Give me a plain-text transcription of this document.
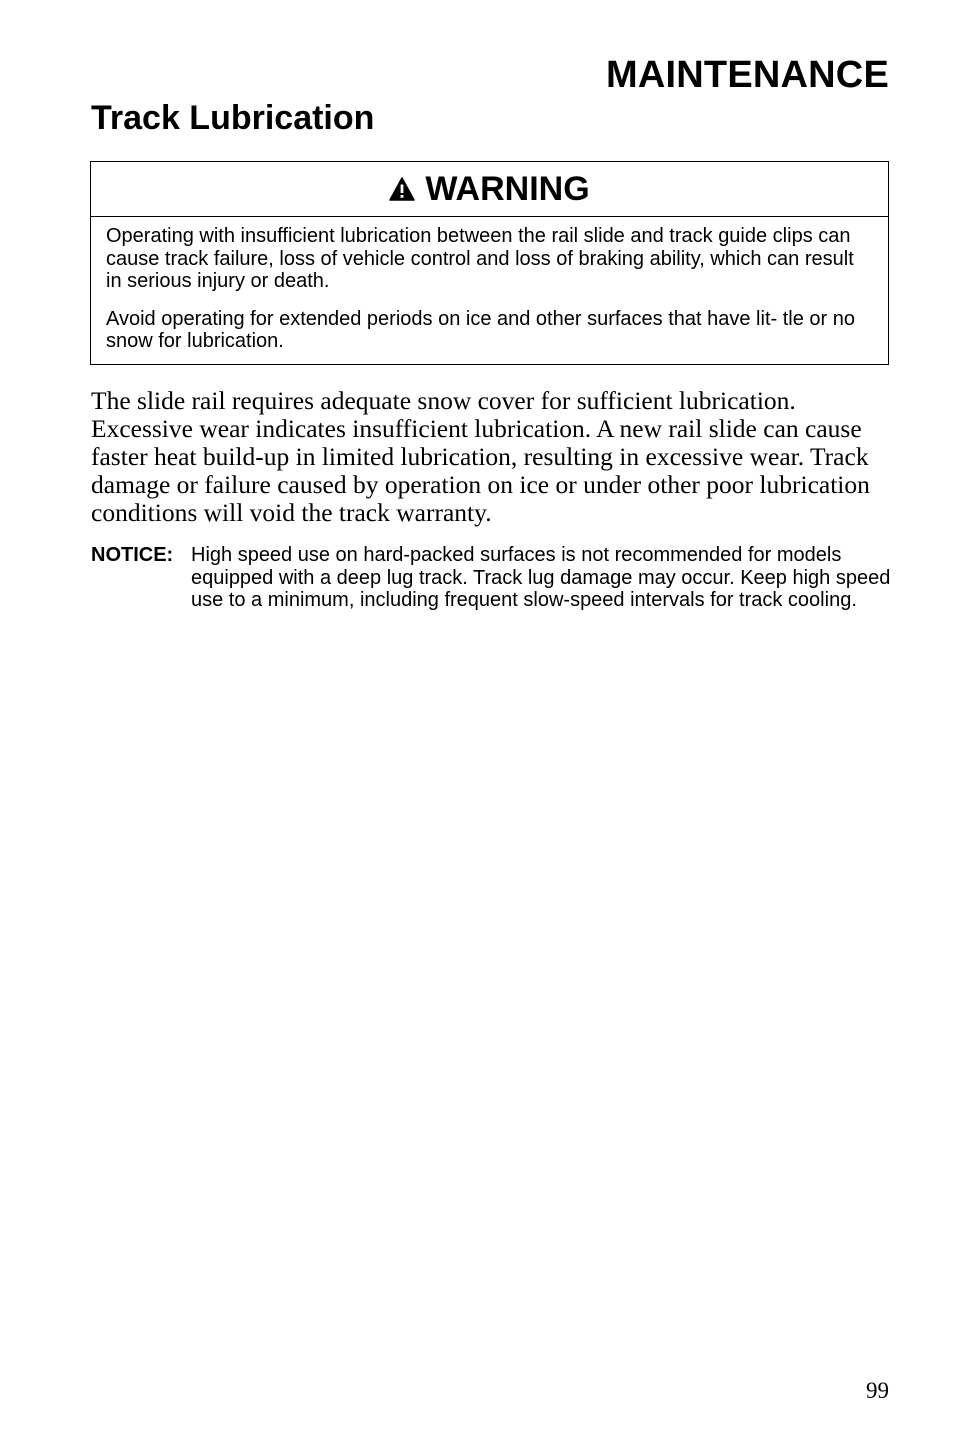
MAINTENANCE
Track Lubrication
WARNING

Operating with insufficient lubrication between the rail slide and track guide clips can cause track failure, loss of vehicle control and loss of braking ability, which can result in serious injury or death.

Avoid operating for extended periods on ice and other surfaces that have lit- tle or no snow for lubrication.

The slide rail requires adequate snow cover for sufficient lubrication. Excessive wear indicates insufficient lubrication. A new rail slide can cause faster heat build-up in limited lubrication, resulting in excessive wear. Track damage or failure caused by operation on ice or under other poor lubrication conditions will void the track warranty.

NOTICE: High speed use on hard-packed surfaces is not recommended for models equipped with a deep lug track. Track lug damage may occur. Keep high speed use to a minimum, including frequent slow-speed intervals for track cooling.

99
